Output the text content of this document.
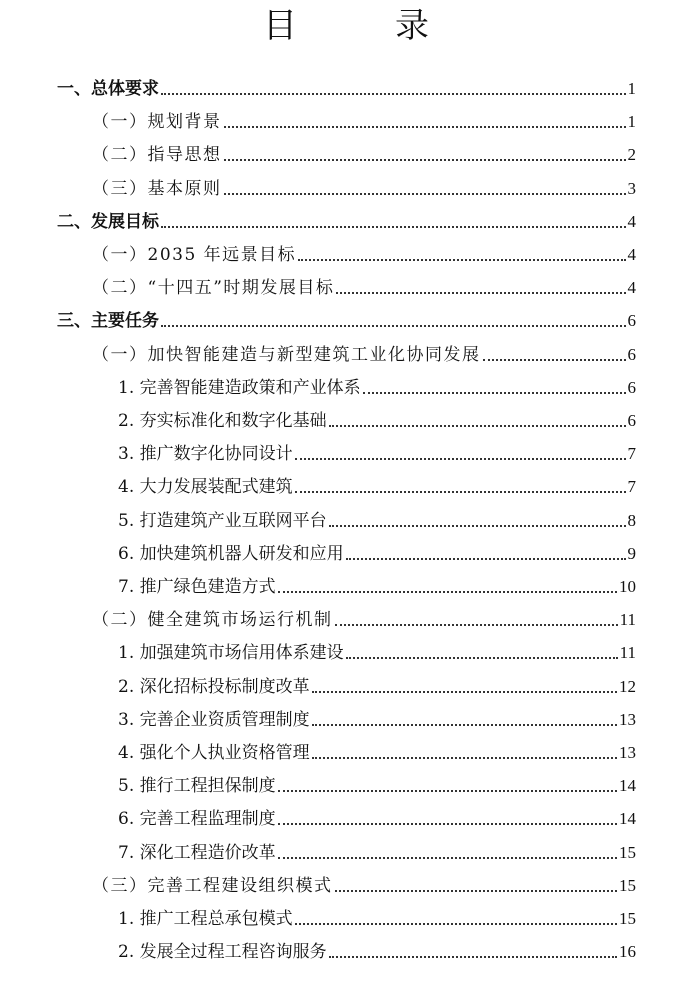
目　录
一、总体要求	1
（一）规划背景	1
（二）指导思想	2
（三）基本原则	3
二、发展目标	4
（一）2035 年远景目标	4
（二）“十四五”时期发展目标	4
三、主要任务	6
（一）加快智能建造与新型建筑工业化协同发展	6
1. 完善智能建造政策和产业体系	6
2. 夯实标准化和数字化基础	6
3. 推广数字化协同设计	7
4. 大力发展装配式建筑	7
5. 打造建筑产业互联网平台	8
6. 加快建筑机器人研发和应用	9
7. 推广绿色建造方式	10
（二）健全建筑市场运行机制	11
1. 加强建筑市场信用体系建设	11
2. 深化招标投标制度改革	12
3. 完善企业资质管理制度	13
4. 强化个人执业资格管理	13
5. 推行工程担保制度	14
6. 完善工程监理制度	14
7. 深化工程造价改革	15
（三）完善工程建设组织模式	15
1. 推广工程总承包模式	15
2. 发展全过程工程咨询服务	16
